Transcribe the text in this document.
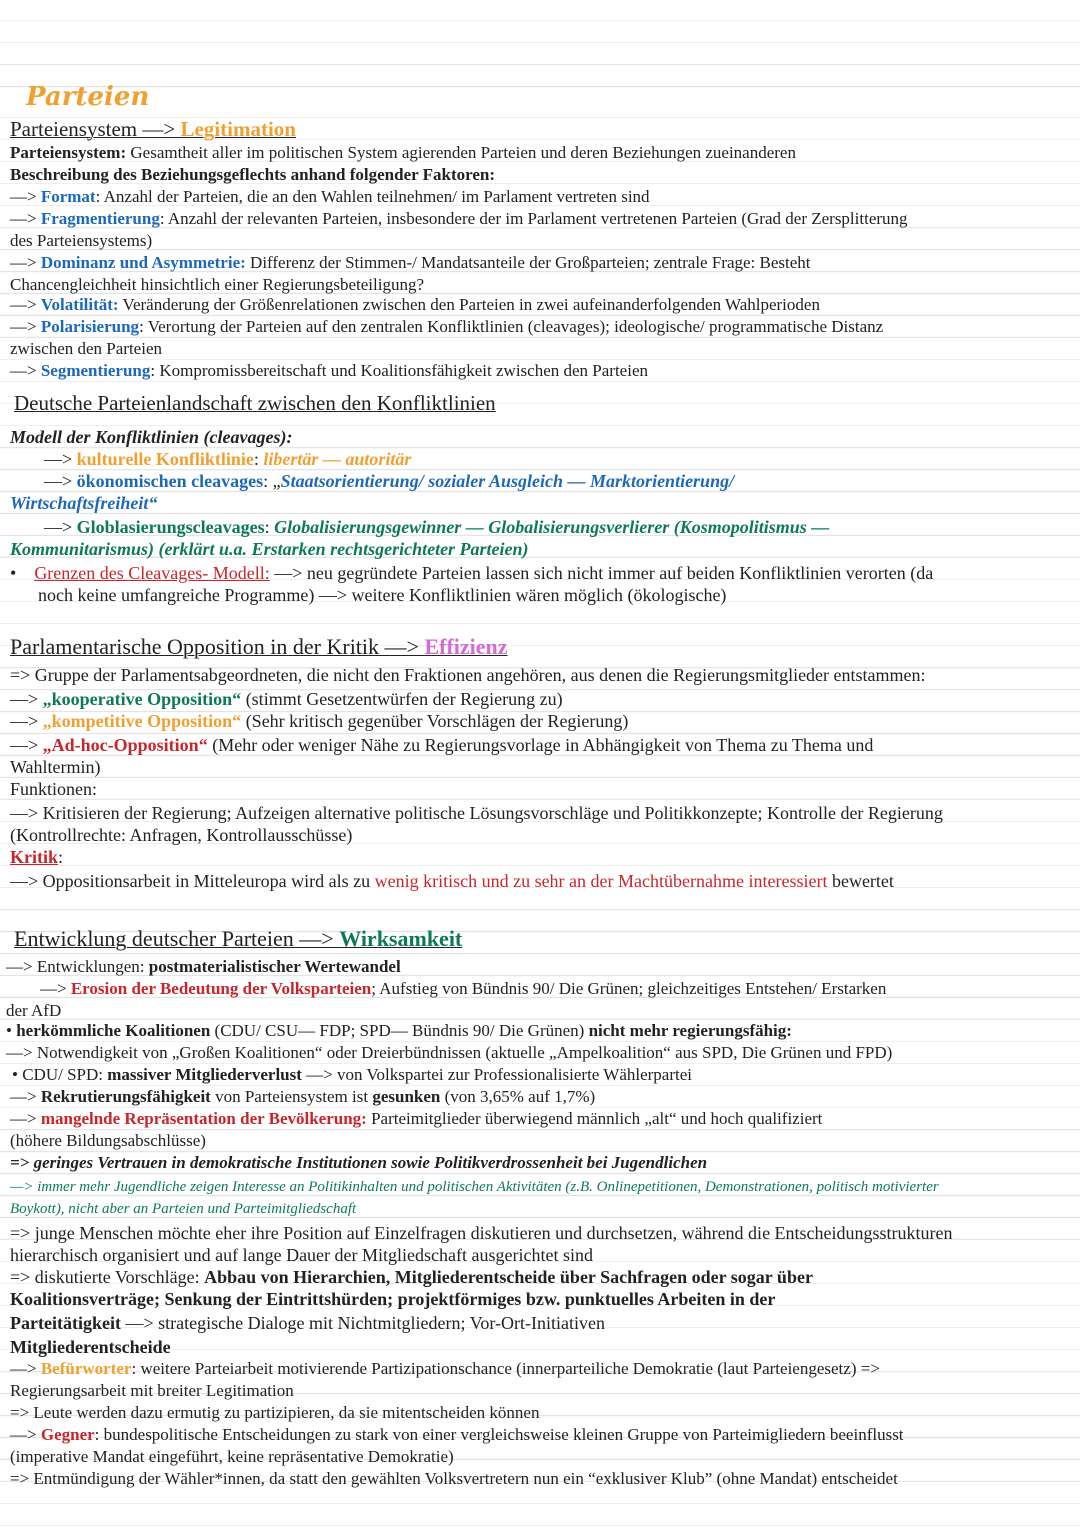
Parteien
Parteiensystem —> Legitimation
Parteiensystem: Gesamtheit aller im politischen System agierenden Parteien und deren Beziehungen zueinanderen
Beschreibung des Beziehungsgeflechts anhand folgender Faktoren:
—> Format: Anzahl der Parteien, die an den Wahlen teilnehmen/ im Parlament vertreten sind
—> Fragmentierung: Anzahl der relevanten Parteien, insbesondere der im Parlament vertretenen Parteien (Grad der Zersplitterung
des Parteiensystems)
—> Dominanz und Asymmetrie: Differenz der Stimmen-/ Mandatsanteile der Großparteien; zentrale Frage: Besteht
Chancengleichheit hinsichtlich einer Regierungsbeteiligung?
—> Volatilität: Veränderung der Größenrelationen zwischen den Parteien in zwei aufeinanderfolgenden Wahlperioden
—> Polarisierung: Verortung der Parteien auf den zentralen Konfliktlinien (cleavages); ideologische/ programmatische Distanz
zwischen den Parteien
—> Segmentierung: Kompromissbereitschaft und Koalitionsfähigkeit zwischen den Parteien
Deutsche Parteienlandschaft zwischen den Konfliktlinien
Modell der Konfliktlinien (cleavages):
—> kulturelle Konfliktlinie: libertär — autoritär
—> ökonomischen cleavages: „Staatsorientierung/ sozialer Ausgleich — Marktorientierung/
Wirtschaftsfreiheit“
—> Globlasierungscleavages: Globalisierungsgewinner — Globalisierungsverlierer (Kosmopolitismus —
Kommunitarismus) (erklärt u.a. Erstarken rechtsgerichteter Parteien)
• Grenzen des Cleavages- Modell: —> neu gegründete Parteien lassen sich nicht immer auf beiden Konfliktlinien verorten (da
noch keine umfangreiche Programme) —> weitere Konfliktlinien wären möglich (ökologische)
Parlamentarische Opposition in der Kritik —> Effizienz
=> Gruppe der Parlamentsabgeordneten, die nicht den Fraktionen angehören, aus denen die Regierungsmitglieder entstammen:
—> „kooperative Opposition“ (stimmt Gesetzentwürfen der Regierung zu)
—> „kompetitive Opposition“ (Sehr kritisch gegenüber Vorschlägen der Regierung)
—> „Ad-hoc-Opposition“ (Mehr oder weniger Nähe zu Regierungsvorlage in Abhängigkeit von Thema zu Thema und
Wahltermin)
Funktionen:
—> Kritisieren der Regierung; Aufzeigen alternative politische Lösungsvorschläge und Politikkonzepte; Kontrolle der Regierung
(Kontrollrechte: Anfragen, Kontrollausschüsse)
Kritik:
—> Oppositionsarbeit in Mitteleuropa wird als zu wenig kritisch und zu sehr an der Machtübernahme interessiert bewertet
Entwicklung deutscher Parteien —> Wirksamkeit
—> Entwicklungen: postmaterialistischer Wertewandel
—> Erosion der Bedeutung der Volksparteien; Aufstieg von Bündnis 90/ Die Grünen; gleichzeitiges Entstehen/ Erstarken
der AfD
• herkömmliche Koalitionen (CDU/ CSU— FDP; SPD— Bündnis 90/ Die Grünen) nicht mehr regierungsfähig:
—> Notwendigkeit von „Großen Koalitionen“ oder Dreierbündnissen (aktuelle „Ampelkoalition“ aus SPD, Die Grünen und FPD)
• CDU/ SPD: massiver Mitgliederverlust —> von Volkspartei zur Professionalisierte Wählerpartei
—> Rekrutierungsfähigkeit von Parteiensystem ist gesunken (von 3,65% auf 1,7%)
—> mangelnde Repräsentation der Bevölkerung: Parteimitglieder überwiegend männlich „alt“ und hoch qualifiziert
(höhere Bildungsabschlüsse)
=> geringes Vertrauen in demokratische Institutionen sowie Politikverdrossenheit bei Jugendlichen
—> immer mehr Jugendliche zeigen Interesse an Politikinhalten und politischen Aktivitäten (z.B. Onlinepetitionen, Demonstrationen, politisch motivierter
Boykott), nicht aber an Parteien und Parteimitgliedschaft
=> junge Menschen möchte eher ihre Position auf Einzelfragen diskutieren und durchsetzen, während die Entscheidungsstrukturen
hierarchisch organisiert und auf lange Dauer der Mitgliedschaft ausgerichtet sind
=> diskutierte Vorschläge: Abbau von Hierarchien, Mitgliederentscheide über Sachfragen oder sogar über
Koalitionsverträge; Senkung der Eintrittshürden; projektförmiges bzw. punktuelles Arbeiten in der
Parteitätigkeit —> strategische Dialoge mit Nichtmitgliedern; Vor-Ort-Initiativen
Mitgliederentscheide
—> Befürworter: weitere Parteiarbeit motivierende Partizipationschance (innerparteiliche Demokratie (laut Parteiengesetz) =>
Regierungsarbeit mit breiter Legitimation
=> Leute werden dazu ermutig zu partizipieren, da sie mitentscheiden können
—> Gegner: bundespolitische Entscheidungen zu stark von einer vergleichsweise kleinen Gruppe von Parteimigliedern beeinflusst
(imperative Mandat eingeführt, keine repräsentative Demokratie)
=> Entmündigung der Wähler*innen, da statt den gewählten Volksvertretern nun ein “exklusiver Klub” (ohne Mandat) entscheidet
